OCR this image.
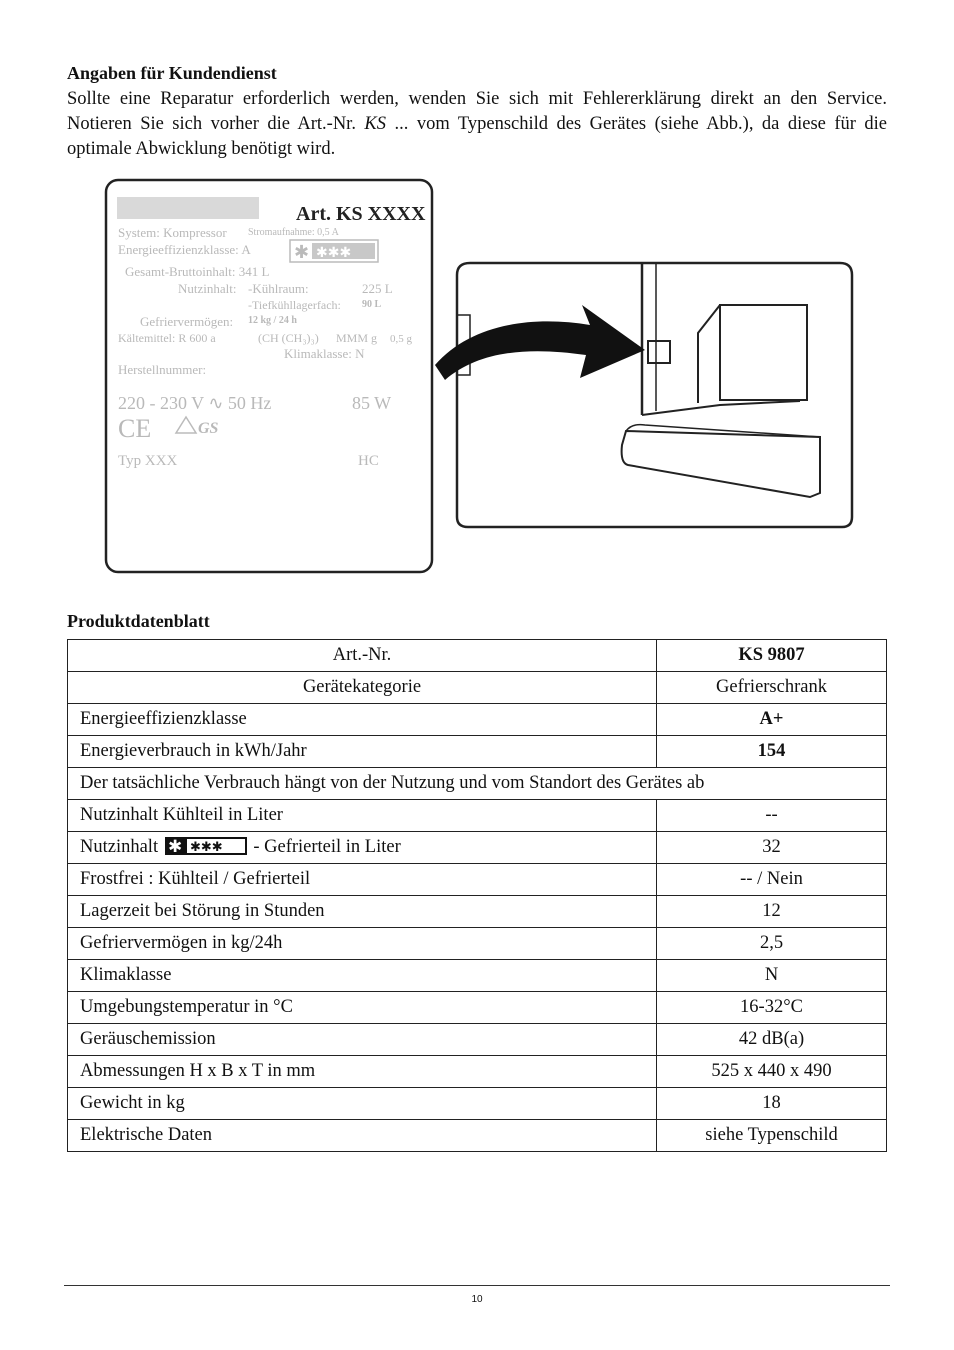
Angaben für Kundendienst

Sollte eine Reparatur erforderlich werden, wenden Sie sich mit Fehlererklärung direkt an den Service. Notieren Sie sich vorher die Art.-Nr. KS ... vom Typenschild des Gerätes (siehe Abb.), da diese für die optimale Abwicklung benötigt wird.

Art. KS XXXX
System: Kompressor Stromaufnahme: 0,5 A
Energieeffizienzklasse: A ✱ ✱✱✱
Gesamt-Bruttoinhalt: 341 L
Nutzinhalt: -Kühlraum:	225 L
-Tiefkühllagerfach: 90 L
Gefriervermögen: 12 kg / 24 h
Kältemittel: R 600 a	(CH (CH₃)₃) MMM g 0,5 g
Klimaklasse: N
Herstellnummer:
220 - 230 V ∿ 50 Hz	85 W
CE	GS
Typ XXX	HC
Produktdatenblatt
Art.-Nr.	KS 9807
Gerätekategorie	Gefrierschrank
Energieeffizienzklasse	A+
Energieverbrauch in kWh/Jahr	154
Der tatsächliche Verbrauch hängt von der Nutzung und vom Standort des Gerätes ab	
Nutzinhalt Kühlteil in Liter	--
Nutzinhalt ✱ ✱✱✱ - Gefrierteil in Liter	32
Frostfrei : Kühlteil / Gefrierteil	-- / Nein
Lagerzeit bei Störung in Stunden	12
Gefriervermögen in kg/24h	2,5
Klimaklasse	N
Umgebungstemperatur in °C	16-32°C
Geräuschemission	42 dB(a)
Abmessungen H x B x T in mm	525 x 440 x 490
Gewicht in kg	18
Elektrische Daten	siehe Typenschild
10
